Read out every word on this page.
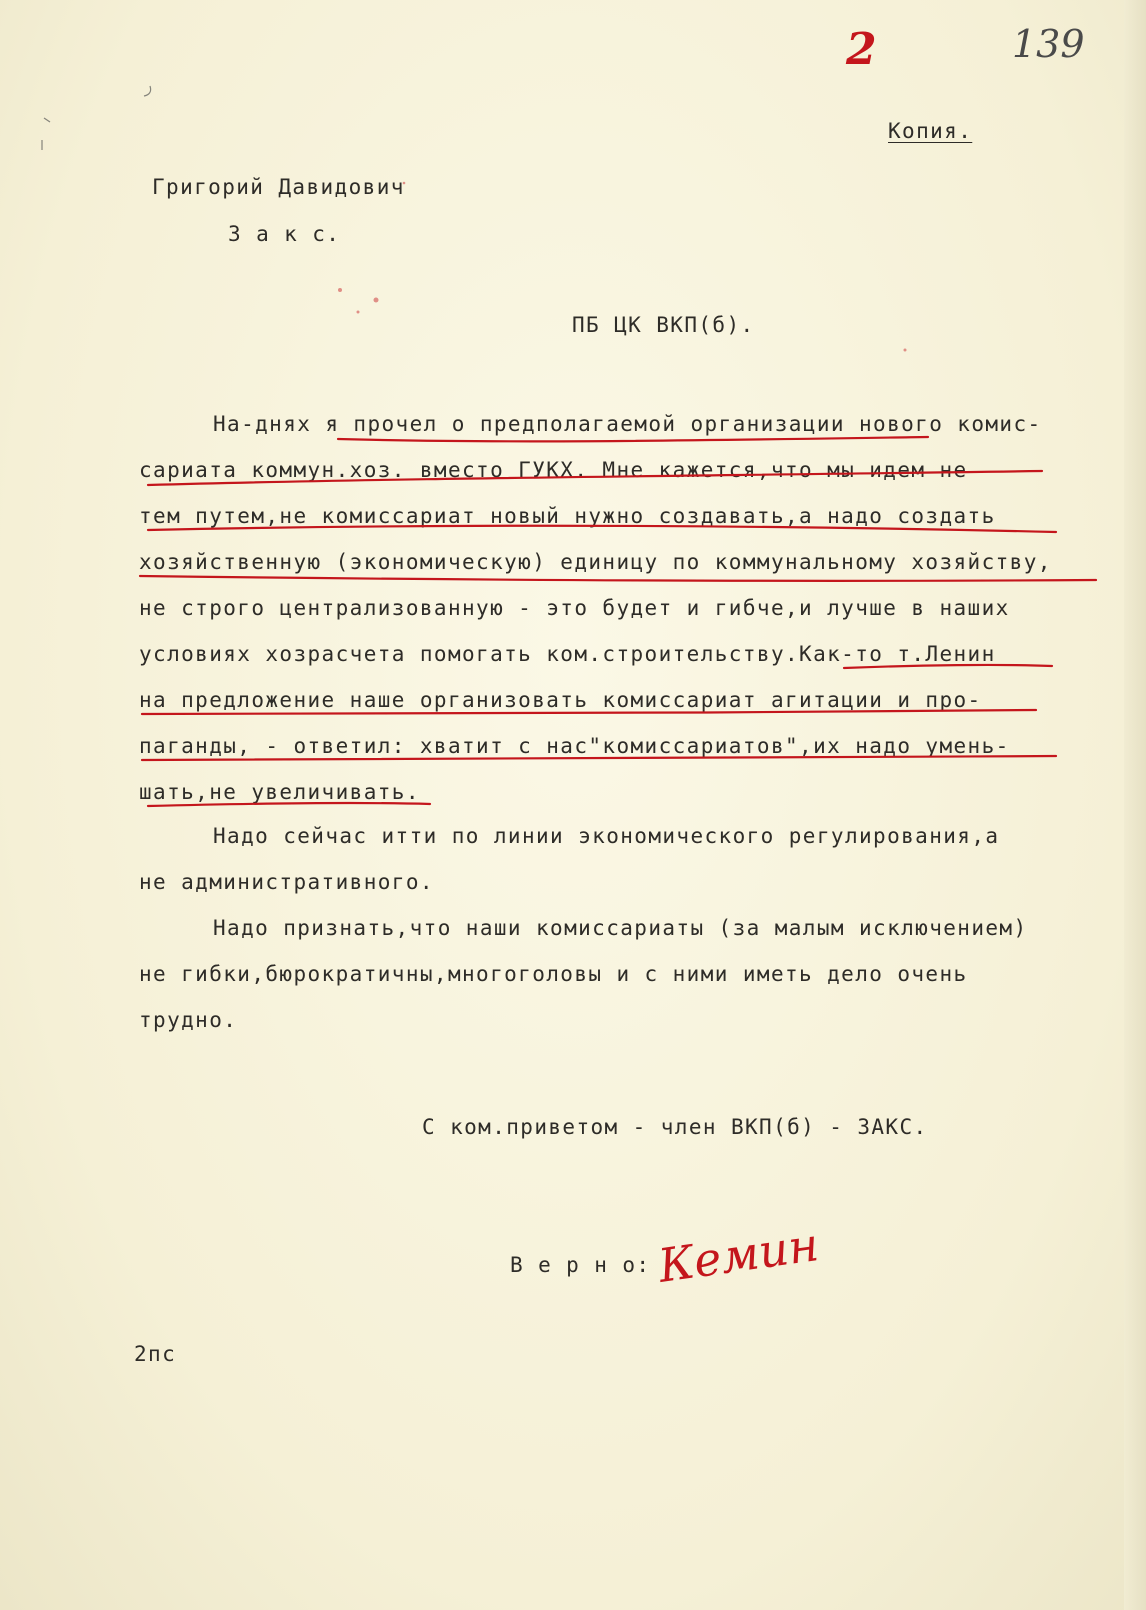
2	139
Копия.
Григорий Давидович
З а к с.
ПБ ЦК ВКП(б).
На-днях я прочел о предполагаемой организации нового комис-
сариата коммун.хоз. вместо ГУКХ. Мне кажется,что мы идем не
тем путем,не комиссариат новый нужно создавать,а надо создать
хозяйственную (экономическую) единицу по коммунальному хозяйству,
не строго централизованную - это будет и гибче,и лучше в наших
условиях хозрасчета помогать ком.строительству.Как-то т.Ленин
на предложение наше организовать комиссариат агитации и про-
паганды, - ответил: хватит с нас"комиссариатов",их надо умень-
шать,не увеличивать.
Надо сейчас итти по линии экономического регулирования,а
не административного.
Надо признать,что наши комиссариаты (за малым исключением)
не гибки,бюрократичны,многоголовы и с ними иметь дело очень
трудно.
С ком.приветом - член ВКП(б) - ЗАКС.
В е р н о: Кемин
2пс
